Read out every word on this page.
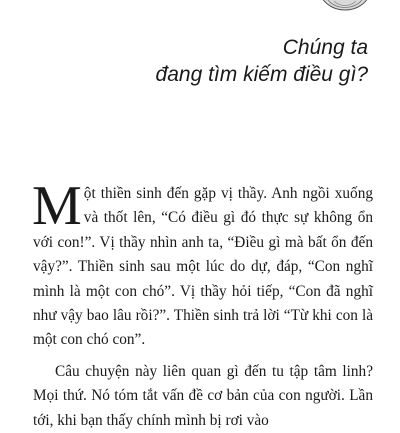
Chúng ta
đang tìm kiếm điều gì?

Một thiền sinh đến gặp vị thầy. Anh ngồi xuống và thốt lên, “Có điều gì đó thực sự không ổn với con!”. Vị thầy nhìn anh ta, “Điều gì mà bất ổn đến vậy?”. Thiền sinh sau một lúc do dự, đáp, “Con nghĩ mình là một con chó”. Vị thầy hỏi tiếp, “Con đã nghĩ như vậy bao lâu rồi?”. Thiền sinh trả lời “Từ khi con là một con chó con”.

Câu chuyện này liên quan gì đến tu tập tâm linh? Mọi thứ. Nó tóm tắt vấn đề cơ bản của con người. Lần tới, khi bạn thấy chính mình bị rơi vào
